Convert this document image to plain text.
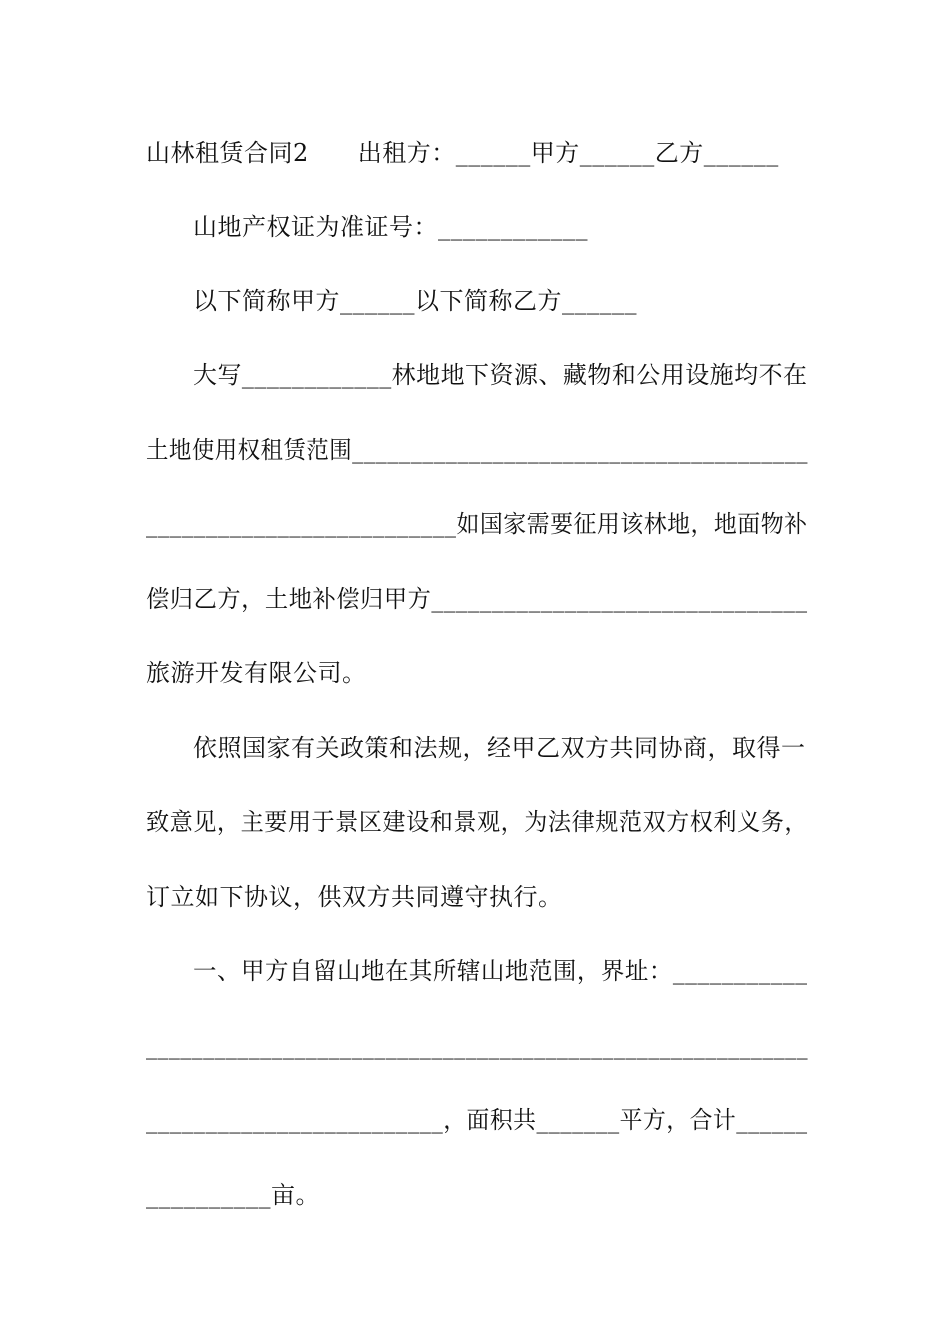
山林租赁合同2　　出租方：______甲方______乙方______
山地产权证为准证号：____________
以下简称甲方______以下简称乙方______
大写____________林地地下资源、藏物和公用设施均不在
土地使用权租赁范围_______________________________________
__________________________如国家需要征用该林地，地面物补
偿归乙方，土地补偿归甲方_______________________________
旅游开发有限公司。
依照国家有关政策和法规，经甲乙双方共同协商，取得一
致意见，主要用于景区建设和景观，为法律规范双方权利义务，
订立如下协议，供双方共同遵守执行。
一、甲方自留山地在其所辖山地范围，界址：___________
__________________________________________________________
_________________________，面积共_______平方，合计______
__________亩。
